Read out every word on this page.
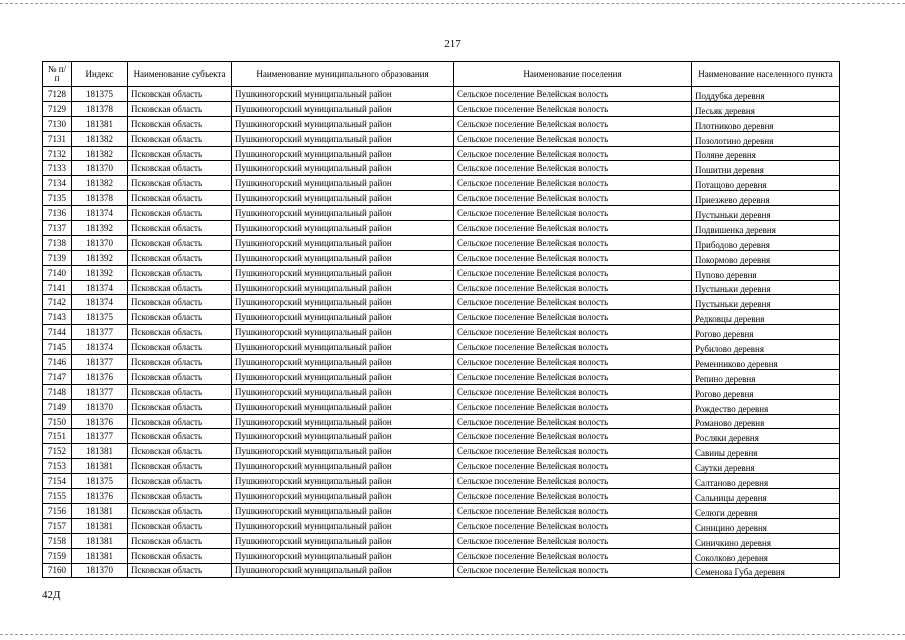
217
№ п/п	Индекс	Наименование субъекта	Наименование муниципального образования	Наименование поселения	Наименование населенного пункта
7128	181375	Псковская область	Пушкиногорский муниципальный район	Сельское поселение Велейская волость	Поддубка деревня
7129	181378	Псковская область	Пушкиногорский муниципальный район	Сельское поселение Велейская волость	Песьяк деревня
7130	181381	Псковская область	Пушкиногорский муниципальный район	Сельское поселение Велейская волость	Плотниково деревня
7131	181382	Псковская область	Пушкиногорский муниципальный район	Сельское поселение Велейская волость	Позолотино деревня
7132	181382	Псковская область	Пушкиногорский муниципальный район	Сельское поселение Велейская волость	Поляне деревня
7133	181370	Псковская область	Пушкиногорский муниципальный район	Сельское поселение Велейская волость	Пошитни деревня
7134	181382	Псковская область	Пушкиногорский муниципальный район	Сельское поселение Велейская волость	Потащово деревня
7135	181378	Псковская область	Пушкиногорский муниципальный район	Сельское поселение Велейская волость	Приезжево деревня
7136	181374	Псковская область	Пушкиногорский муниципальный район	Сельское поселение Велейская волость	Пустыньки деревня
7137	181392	Псковская область	Пушкиногорский муниципальный район	Сельское поселение Велейская волость	Подвишенка деревня
7138	181370	Псковская область	Пушкиногорский муниципальный район	Сельское поселение Велейская волость	Прибодово деревня
7139	181392	Псковская область	Пушкиногорский муниципальный район	Сельское поселение Велейская волость	Покормово деревня
7140	181392	Псковская область	Пушкиногорский муниципальный район	Сельское поселение Велейская волость	Пупово деревня
7141	181374	Псковская область	Пушкиногорский муниципальный район	Сельское поселение Велейская волость	Пустыньки деревня
7142	181374	Псковская область	Пушкиногорский муниципальный район	Сельское поселение Велейская волость	Пустыньки деревня
7143	181375	Псковская область	Пушкиногорский муниципальный район	Сельское поселение Велейская волость	Редковцы деревня
7144	181377	Псковская область	Пушкиногорский муниципальный район	Сельское поселение Велейская волость	Рогово деревня
7145	181374	Псковская область	Пушкиногорский муниципальный район	Сельское поселение Велейская волость	Рубилово деревня
7146	181377	Псковская область	Пушкиногорский муниципальный район	Сельское поселение Велейская волость	Ременниково деревня
7147	181376	Псковская область	Пушкиногорский муниципальный район	Сельское поселение Велейская волость	Репино деревня
7148	181377	Псковская область	Пушкиногорский муниципальный район	Сельское поселение Велейская волость	Рогово деревня
7149	181370	Псковская область	Пушкиногорский муниципальный район	Сельское поселение Велейская волость	Рождество деревня
7150	181376	Псковская область	Пушкиногорский муниципальный район	Сельское поселение Велейская волость	Романово деревня
7151	181377	Псковская область	Пушкиногорский муниципальный район	Сельское поселение Велейская волость	Росляки деревня
7152	181381	Псковская область	Пушкиногорский муниципальный район	Сельское поселение Велейская волость	Савины деревня
7153	181381	Псковская область	Пушкиногорский муниципальный район	Сельское поселение Велейская волость	Саутки деревня
7154	181375	Псковская область	Пушкиногорский муниципальный район	Сельское поселение Велейская волость	Салтаново деревня
7155	181376	Псковская область	Пушкиногорский муниципальный район	Сельское поселение Велейская волость	Сальницы деревня
7156	181381	Псковская область	Пушкиногорский муниципальный район	Сельское поселение Велейская волость	Селюги деревня
7157	181381	Псковская область	Пушкиногорский муниципальный район	Сельское поселение Велейская волость	Синицино деревня
7158	181381	Псковская область	Пушкиногорский муниципальный район	Сельское поселение Велейская волость	Синичкино деревня
7159	181381	Псковская область	Пушкиногорский муниципальный район	Сельское поселение Велейская волость	Соколково деревня
7160	181370	Псковская область	Пушкиногорский муниципальный район	Сельское поселение Велейская волость	Семенова Губа деревня
42Д
